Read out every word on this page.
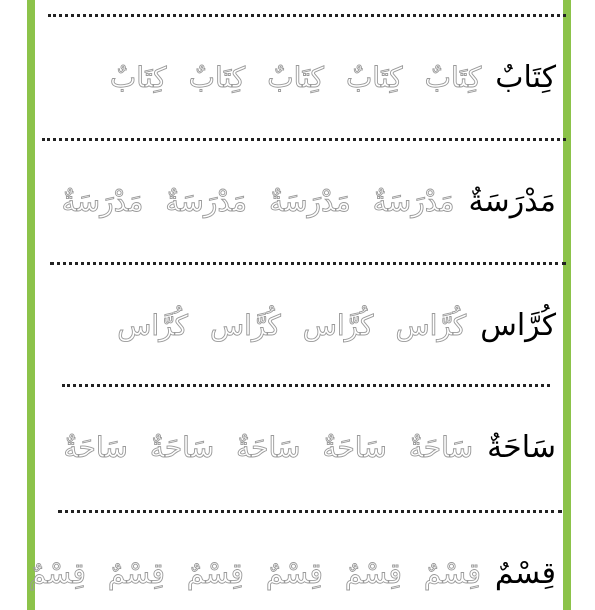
كِتَابٌ
كِتَابٌ
كِتَابٌ
كِتَابٌ
كِتَابٌ
كِتَابٌ
مَدْرَسَةٌ
مَدْرَسَةٌ
مَدْرَسَةٌ
مَدْرَسَةٌ
مَدْرَسَةٌ
كُرَّاس
كُرَّاس
كُرَّاس
كُرَّاس
كُرَّاس
سَاحَةٌ
سَاحَةٌ
سَاحَةٌ
سَاحَةٌ
سَاحَةٌ
سَاحَةٌ
قِسْمٌ
قِسْمٌ
قِسْمٌ
قِسْمٌ
قِسْمٌ
قِسْمٌ
قِسْمٌ
